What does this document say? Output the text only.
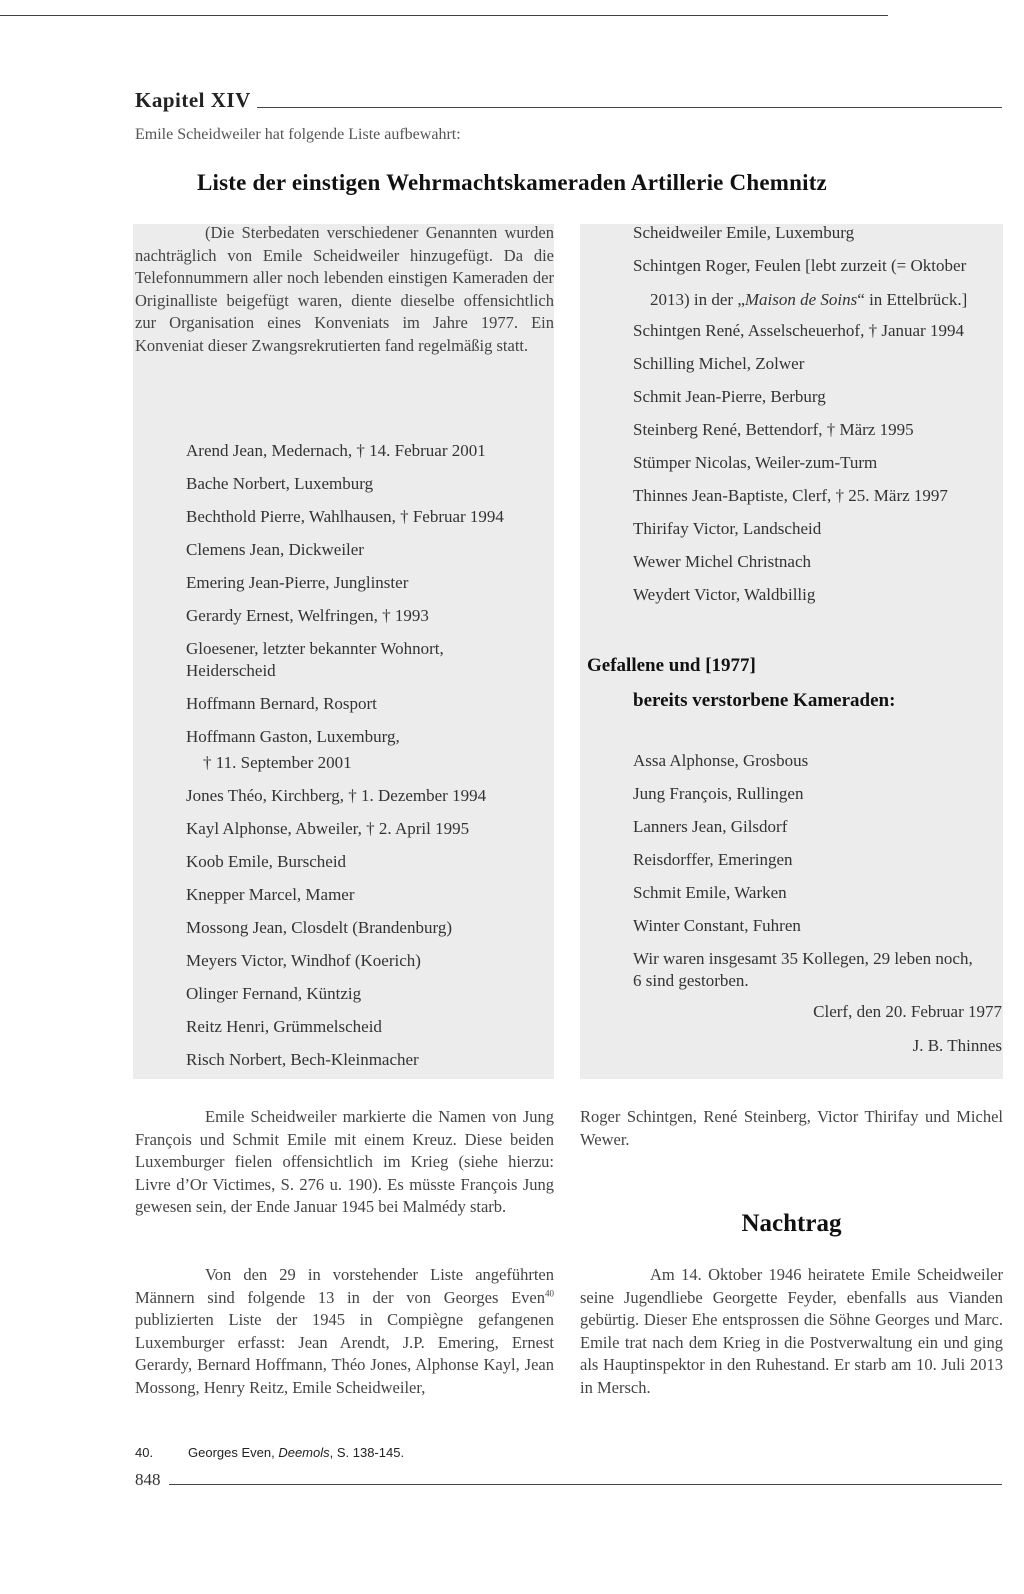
Kapitel XIV
Emile Scheidweiler hat folgende Liste aufbewahrt:
Liste der einstigen Wehrmachtskameraden Artillerie Chemnitz

(Die Sterbedaten verschiedener Genannten wurden nachträglich von Emile Scheidweiler hinzugefügt. Da die Telefonnummern aller noch lebenden einstigen Kameraden der Originalliste beigefügt waren, diente dieselbe offensichtlich zur Organisation eines Konveniats im Jahre 1977. Ein Konveniat dieser Zwangsrekrutierten fand regelmäßig statt.

Arend Jean, Medernach, † 14. Februar 2001
Bache Norbert, Luxemburg
Bechthold Pierre, Wahlhausen, † Februar 1994
Clemens Jean, Dickweiler
Emering Jean-Pierre, Junglinster
Gerardy Ernest, Welfringen, † 1993
Gloesener, letzter bekannter Wohnort,
Heiderscheid
Hoffmann Bernard, Rosport
Hoffmann Gaston, Luxemburg,
† 11. September 2001
Jones Théo, Kirchberg, † 1. Dezember 1994
Kayl Alphonse, Abweiler, † 2. April 1995
Koob Emile, Burscheid
Knepper Marcel, Mamer
Mossong Jean, Closdelt (Brandenburg)
Meyers Victor, Windhof (Koerich)
Olinger Fernand, Küntzig
Reitz Henri, Grümmelscheid
Risch Norbert, Bech-Kleinmacher
Scheidweiler Emile, Luxemburg
Schintgen Roger, Feulen [lebt zurzeit (= Oktober
2013) in der „Maison de Soins“ in Ettelbrück.]
Schintgen René, Asselscheuerhof, † Januar 1994
Schilling Michel, Zolwer
Schmit Jean-Pierre, Berburg
Steinberg René, Bettendorf, † März 1995
Stümper Nicolas, Weiler-zum-Turm
Thinnes Jean-Baptiste, Clerf, † 25. März 1997
Thirifay Victor, Landscheid
Wewer Michel Christnach
Weydert Victor, Waldbillig
Gefallene und [1977]
bereits verstorbene Kameraden:
Assa Alphonse, Grosbous
Jung François, Rullingen
Lanners Jean, Gilsdorf
Reisdorffer, Emeringen
Schmit Emile, Warken
Winter Constant, Fuhren
Wir waren insgesamt 35 Kollegen, 29 leben noch,
6 sind gestorben.
Clerf, den 20. Februar 1977
J. B. Thinnes

Emile Scheidweiler markierte die Namen von Jung François und Schmit Emile mit einem Kreuz. Diese beiden Luxemburger fielen offensichtlich im Krieg (siehe hierzu: Livre d’Or Victimes, S. 276 u. 190). Es müsste François Jung gewesen sein, der Ende Januar 1945 bei Malmédy starb.

Von den 29 in vorstehender Liste angeführten Männern sind folgende 13 in der von Georges Even$^{40}$ publizierten Liste der 1945 in Compiègne gefangenen Luxemburger erfasst: Jean Arendt, J.P. Emering, Ernest Gerardy, Bernard Hoffmann, Théo Jones, Alphonse Kayl, Jean Mossong, Henry Reitz, Emile Scheidweiler,

Roger Schintgen, René Steinberg, Victor Thirifay und Michel Wewer.

Nachtrag

Am 14. Oktober 1946 heiratete Emile Scheidweiler seine Jugendliebe Georgette Feyder, ebenfalls aus Vianden gebürtig. Dieser Ehe entsprossen die Söhne Georges und Marc. Emile trat nach dem Krieg in die Postverwaltung ein und ging als Hauptinspektor in den Ruhestand. Er starb am 10. Juli 2013 in Mersch.

40.	Georges Even, Deemols, S. 138-145.
848
